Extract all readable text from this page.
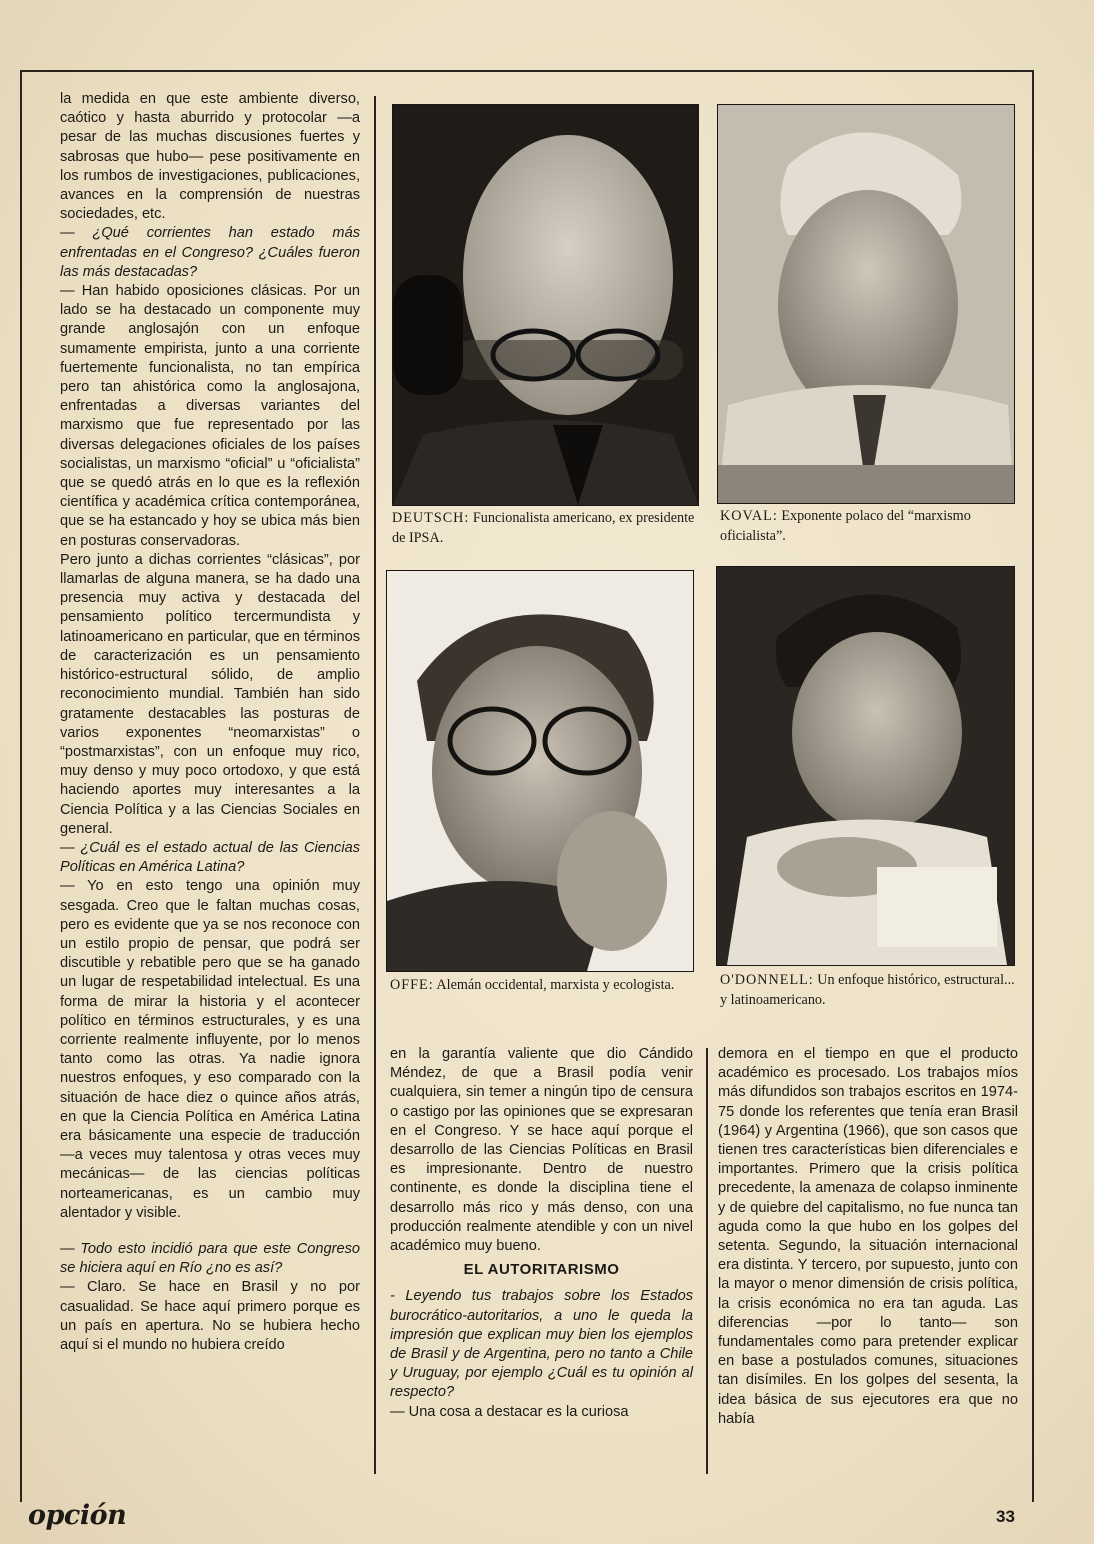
la medida en que este ambiente diverso, caótico y hasta aburrido y protocolar —a pesar de las muchas discusiones fuertes y sabrosas que hubo— pese positivamente en los rumbos de investigaciones, publicaciones, avances en la comprensión de nuestras sociedades, etc.

— ¿Qué corrientes han estado más enfrentadas en el Congreso? ¿Cuáles fueron las más destacadas?

— Han habido oposiciones clásicas. Por un lado se ha destacado un componente muy grande anglosajón con un enfoque sumamente empirista, junto a una corriente fuertemente funcionalista, no tan empírica pero tan ahistórica como la anglosajona, enfrentadas a diversas variantes del marxismo que fue representado por las diversas delegaciones oficiales de los países socialistas, un marxismo “oficial” u “oficialista” que se quedó atrás en lo que es la reflexión científica y académica crítica contemporánea, que se ha estancado y hoy se ubica más bien en posturas conservadoras.

Pero junto a dichas corrientes “clásicas”, por llamarlas de alguna manera, se ha dado una presencia muy activa y destacada del pensamiento político tercermundista y latinoamericano en particular, que en términos de caracterización es un pensamiento histórico-estructural sólido, de amplio reconocimiento mundial. También han sido gratamente destacables las posturas de varios exponentes “neomarxistas” o “postmarxistas”, con un enfoque muy rico, muy denso y muy poco ortodoxo, y que está haciendo aportes muy interesantes a la Ciencia Política y a las Ciencias Sociales en general.

— ¿Cuál es el estado actual de las Ciencias Políticas en América Latina?

— Yo en esto tengo una opinión muy sesgada. Creo que le faltan muchas cosas, pero es evidente que ya se nos reconoce con un estilo propio de pensar, que podrá ser discutible y rebatible pero que se ha ganado un lugar de respetabilidad intelectual. Es una forma de mirar la historia y el acontecer político en términos estructurales, y es una corriente realmente influyente, por lo menos tanto como las otras. Ya nadie ignora nuestros enfoques, y eso comparado con la situación de hace diez o quince años atrás, en que la Ciencia Política en América Latina era básicamente una especie de traducción —a veces muy talentosa y otras veces muy mecánicas— de las ciencias políticas norteamericanas, es un cambio muy alentador y visible.

— Todo esto incidió para que este Congreso se hiciera aquí en Río ¿no es así?

— Claro. Se hace en Brasil y no por casualidad. Se hace aquí primero porque es un país en apertura. No se hubiera hecho aquí si el mundo no hubiera creído

DEUTSCH: Funcionalista americano, ex presidente de IPSA.
KOVAL: Exponente polaco del “marxismo oficialista”.
OFFE: Alemán occidental, marxista y ecologista.	O'DONNELL: Un enfoque histórico, estructural... y latinoamericano.

en la garantía valiente que dio Cándido Méndez, de que a Brasil podía venir cualquiera, sin temer a ningún tipo de censura o castigo por las opiniones que se expresaran en el Congreso. Y se hace aquí porque el desarrollo de las Ciencias Políticas en Brasil es impresionante. Dentro de nuestro continente, es donde la disciplina tiene el desarrollo más rico y más denso, con una producción realmente atendible y con un nivel académico muy bueno.

EL AUTORITARISMO

- Leyendo tus trabajos sobre los Estados burocrático-autoritarios, a uno le queda la impresión que explican muy bien los ejemplos de Brasil y de Argentina, pero no tanto a Chile y Uruguay, por ejemplo ¿Cuál es tu opinión al respecto?

— Una cosa a destacar es la curiosa

demora en el tiempo en que el producto académico es procesado. Los trabajos míos más difundidos son trabajos escritos en 1974-75 donde los referentes que tenía eran Brasil (1964) y Argentina (1966), que son casos que tienen tres características bien diferenciales e importantes. Primero que la crisis política precedente, la amenaza de colapso inminente y de quiebre del capitalismo, no fue nunca tan aguda como la que hubo en los golpes del setenta. Segundo, la situación internacional era distinta. Y tercero, por supuesto, junto con la mayor o menor dimensión de crisis política, la crisis económica no era tan aguda. Las diferencias —por lo tanto— son fundamentales como para pretender explicar en base a postulados comunes, situaciones tan disímiles. En los golpes del sesenta, la idea básica de sus ejecutores era que no había

opción	33
